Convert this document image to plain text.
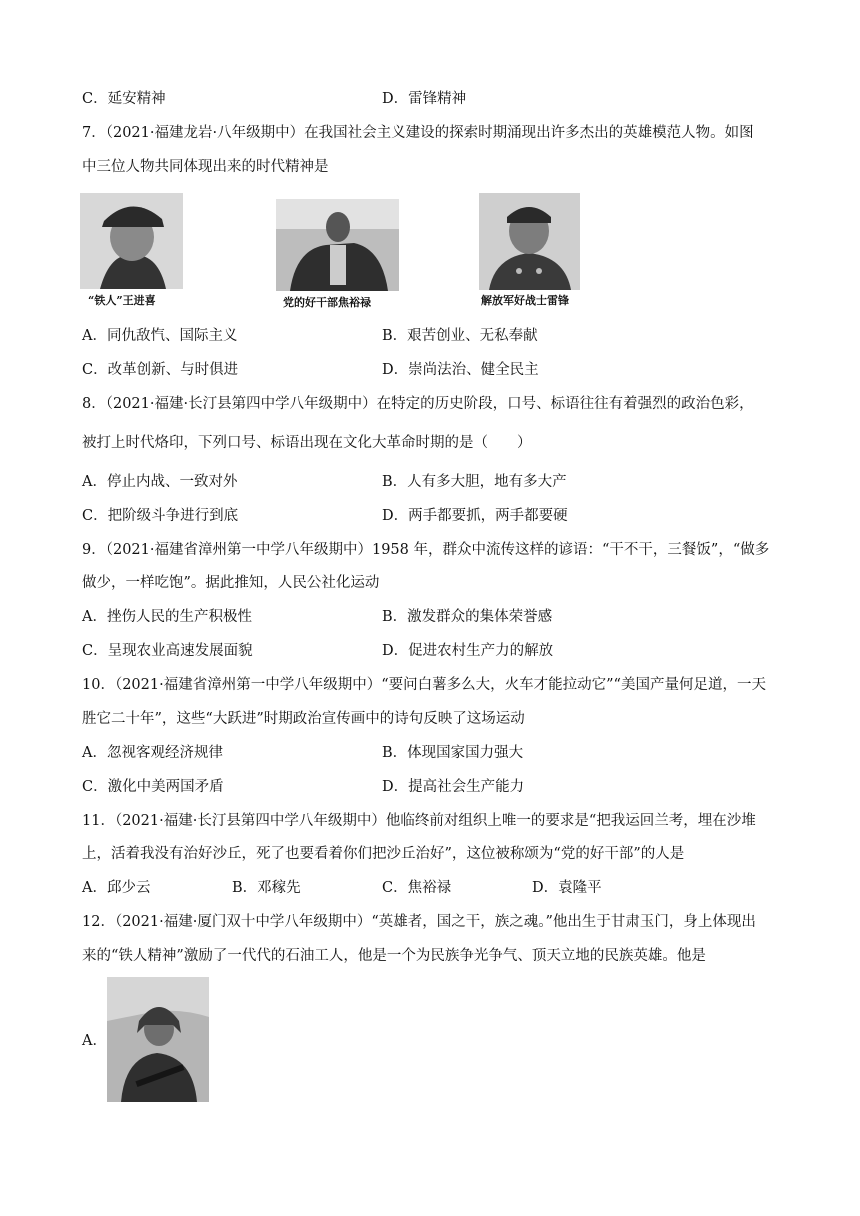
C．延安精神	D．雷锋精神
7．（2021·福建龙岩·八年级期中）在我国社会主义建设的探索时期涌现出许多杰出的英雄模范人物。如图
中三位人物共同体现出来的时代精神是
“铁人”王进喜	党的好干部焦裕禄	解放军好战士雷锋
A．同仇敌忾、国际主义	B．艰苦创业、无私奉献
C．改革创新、与时俱进	D．崇尚法治、健全民主
8．（2021·福建·长汀县第四中学八年级期中）在特定的历史阶段，口号、标语往往有着强烈的政治色彩，
被打上时代烙印，下列口号、标语出现在文化大革命时期的是（　　）
A．停止内战、一致对外	B．人有多大胆，地有多大产
C．把阶级斗争进行到底	D．两手都要抓，两手都要硬
9．（2021·福建省漳州第一中学八年级期中）1958 年，群众中流传这样的谚语：“干不干，三餐饭”，“做多
做少，一样吃饱”。据此推知，人民公社化运动
A．挫伤人民的生产积极性	B．激发群众的集体荣誉感
C．呈现农业高速发展面貌	D．促进农村生产力的解放
10．（2021·福建省漳州第一中学八年级期中）“要问白薯多么大，火车才能拉动它”“美国产量何足道，一天
胜它二十年”，这些“大跃进”时期政治宣传画中的诗句反映了这场运动
A．忽视客观经济规律	B．体现国家国力强大
C．激化中美两国矛盾	D．提高社会生产能力
11．（2021·福建·长汀县第四中学八年级期中）他临终前对组织上唯一的要求是“把我运回兰考，埋在沙堆
上，活着我没有治好沙丘，死了也要看着你们把沙丘治好”，这位被称颂为“党的好干部”的人是
A．邱少云	B．邓稼先	C．焦裕禄	D．袁隆平
12．（2021·福建·厦门双十中学八年级期中）“英雄者，国之干，族之魂。”他出生于甘肃玉门，身上体现出
来的“铁人精神”激励了一代代的石油工人，他是一个为民族争光争气、顶天立地的民族英雄。他是
A．
